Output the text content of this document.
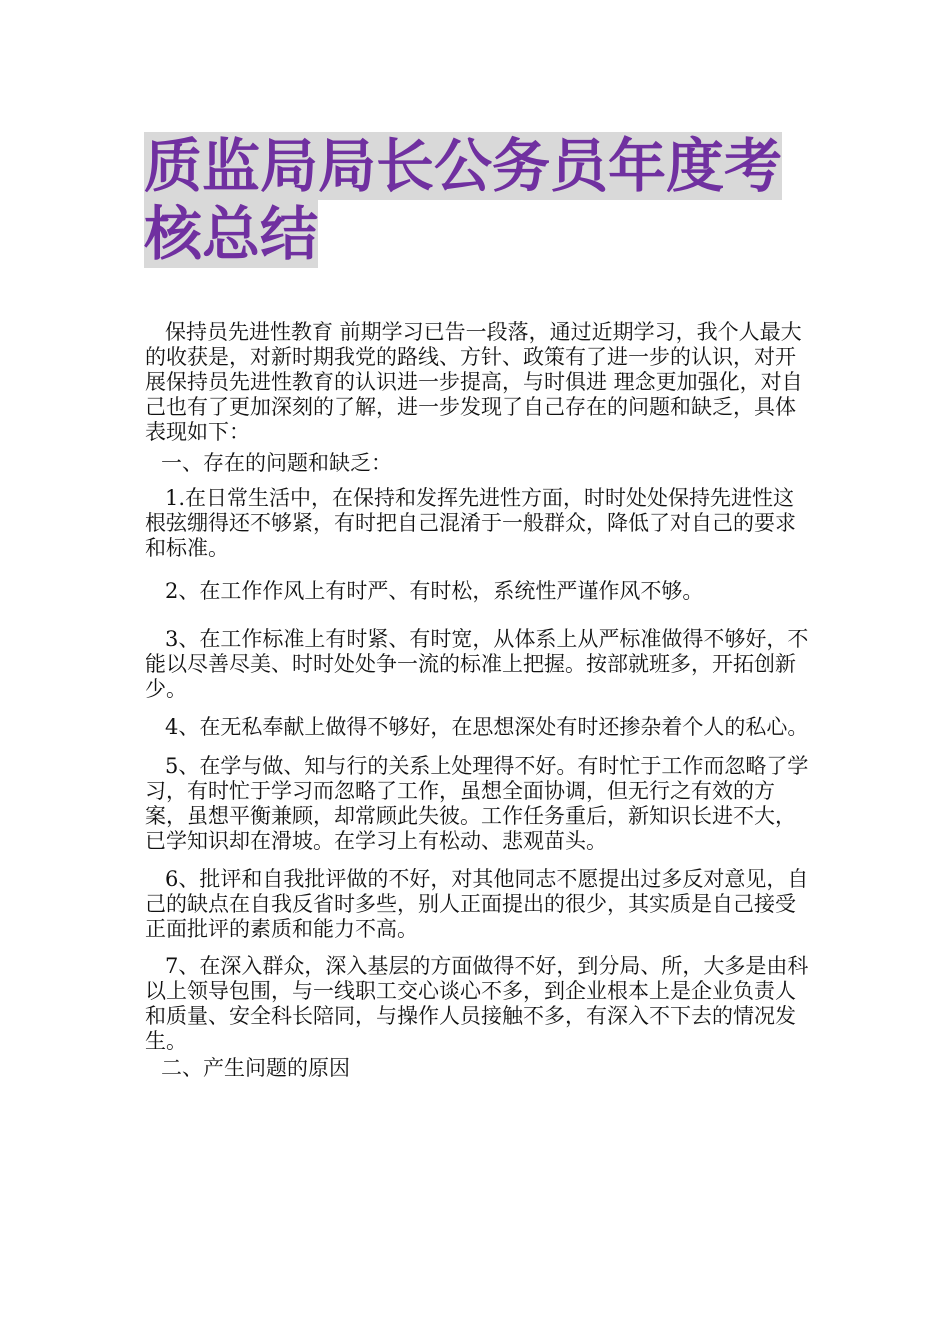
质监局局长公务员年度考核总结

保持员先进性教育 前期学习已告一段落，通过近期学习，我个人最大的收获是，对新时期我党的路线、方针、政策有了进一步的认识，对开展保持员先进性教育的认识进一步提高，与时俱进 理念更加强化，对自己也有了更加深刻的了解，进一步发现了自己存在的问题和缺乏，具体表现如下：

一、存在的问题和缺乏：

1.在日常生活中，在保持和发挥先进性方面，时时处处保持先进性这根弦绷得还不够紧，有时把自己混淆于一般群众，降低了对自己的要求和标准。

2、在工作作风上有时严、有时松，系统性严谨作风不够。

3、在工作标准上有时紧、有时宽，从体系上从严标准做得不够好，不能以尽善尽美、时时处处争一流的标准上把握。按部就班多，开拓创新少。

4、在无私奉献上做得不够好，在思想深处有时还掺杂着个人的私心。

5、在学与做、知与行的关系上处理得不好。有时忙于工作而忽略了学习，有时忙于学习而忽略了工作，虽想全面协调，但无行之有效的方案，虽想平衡兼顾，却常顾此失彼。工作任务重后，新知识长进不大，已学知识却在滑坡。在学习上有松动、悲观苗头。

6、批评和自我批评做的不好，对其他同志不愿提出过多反对意见，自己的缺点在自我反省时多些，别人正面提出的很少，其实质是自己接受正面批评的素质和能力不高。

7、在深入群众，深入基层的方面做得不好，到分局、所，大多是由科以上领导包围，与一线职工交心谈心不多，到企业根本上是企业负责人和质量、安全科长陪同，与操作人员接触不多，有深入不下去的情况发生。

二、产生问题的原因
